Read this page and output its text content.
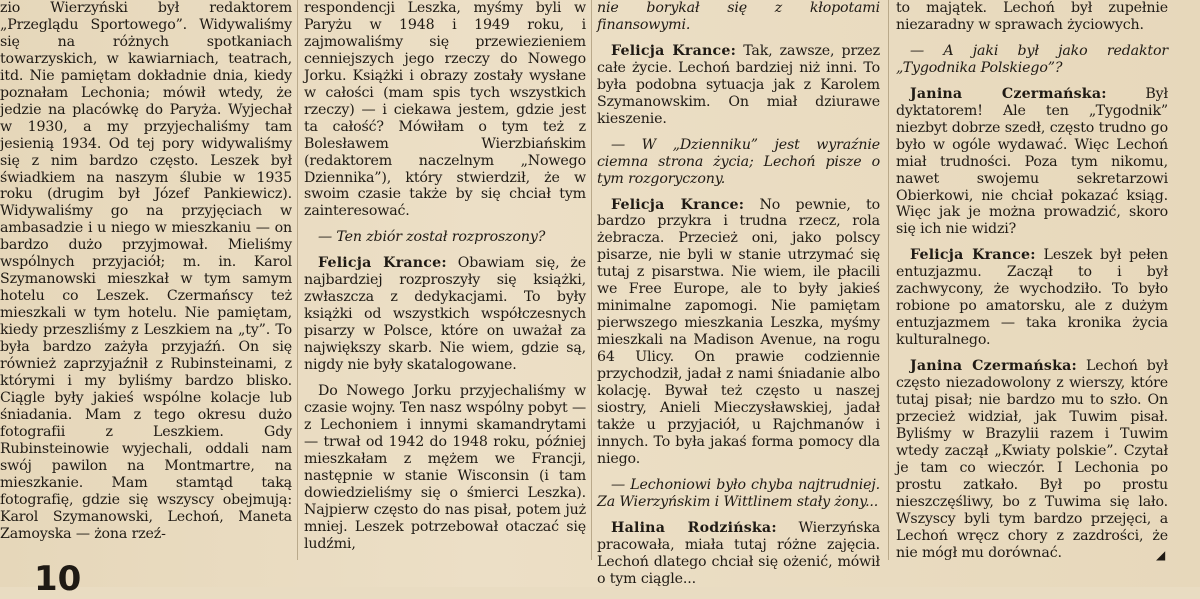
zio Wierzyński był redaktorem „Przeglądu Sportowego”. Widywaliśmy się na różnych spotkaniach towarzyskich, w kawiarniach, teatrach, itd. Nie pamiętam dokładnie dnia, kiedy poznałam Lechonia; mówił wtedy, że jedzie na placówkę do Paryża. Wyjechał w 1930, a my przyjechaliśmy tam jesienią 1934. Od tej pory widywaliśmy się z nim bardzo często. Leszek był świadkiem na naszym ślubie w 1935 roku (drugim był Józef Pankiewicz). Widywaliśmy go na przyjęciach w ambasadzie i u niego w mieszkaniu — on bardzo dużo przyjmował. Mieliśmy wspólnych przyjaciół; m. in. Karol Szymanowski mieszkał w tym samym hotelu co Leszek. Czermańscy też mieszkali w tym hotelu. Nie pamiętam, kiedy przeszliśmy z Leszkiem na „ty”. To była bardzo zażyła przyjaźń. On się również zaprzyjaźnił z Rubinsteinami, z którymi i my byliśmy bardzo blisko. Ciągle były jakieś wspólne kolacje lub śniadania. Mam z tego okresu dużo fotografii z Leszkiem. Gdy Rubinsteinowie wyjechali, oddali nam swój pawilon na Montmartre, na mieszkanie. Mam stamtąd taką fotografię, gdzie się wszyscy obejmują: Karol Szymanowski, Lechoń, Maneta Zamoyska — żona rzeź-

respondencji Leszka, myśmy byli w Paryżu w 1948 i 1949 roku, i zajmowaliśmy się przewiezieniem cenniejszych jego rzeczy do Nowego Jorku. Książki i obrazy zostały wysłane w całości (mam spis tych wszystkich rzeczy) — i ciekawa jestem, gdzie jest ta całość? Mówiłam o tym też z Bolesławem Wierzbiańskim (redaktorem naczelnym „Nowego Dziennika”), który stwierdził, że w swoim czasie także by się chciał tym zainteresować.

— Ten zbiór został rozproszony?

Felicja Krance: Obawiam się, że najbardziej rozproszyły się książki, zwłaszcza z dedykacjami. To były książki od wszystkich współczesnych pisarzy w Polsce, które on uważał za największy skarb. Nie wiem, gdzie są, nigdy nie były skatalogowane.

Do Nowego Jorku przyjechaliśmy w czasie wojny. Ten nasz wspólny pobyt — z Lechoniem i innymi skamandrytami — trwał od 1942 do 1948 roku, później mieszkałam z mężem we Francji, następnie w stanie Wisconsin (i tam dowiedzieliśmy się o śmierci Leszka). Najpierw często do nas pisał, potem już mniej. Leszek potrzebował otaczać się ludźmi,

nie borykał się z kłopotami finansowymi.

Felicja Krance: Tak, zawsze, przez całe życie. Lechoń bardziej niż inni. To była podobna sytuacja jak z Karolem Szymanowskim. On miał dziurawe kieszenie.

— W „Dzienniku” jest wyraźnie ciemna strona życia; Lechoń pisze o tym rozgoryczony.

Felicja Krance: No pewnie, to bardzo przykra i trudna rzecz, rola żebracza. Przecież oni, jako polscy pisarze, nie byli w stanie utrzymać się tutaj z pisarstwa. Nie wiem, ile płacili we Free Europe, ale to były jakieś minimalne zapomogi. Nie pamiętam pierwszego mieszkania Leszka, myśmy mieszkali na Madison Avenue, na rogu 64 Ulicy. On prawie codziennie przychodził, jadał z nami śniadanie albo kolację. Bywał też często u naszej siostry, Anieli Mieczysławskiej, jadał także u przyjaciół, u Rajchmanów i innych. To była jakaś forma pomocy dla niego.

— Lechoniowi było chyba najtrudniej. Za Wierzyńskim i Wittlinem stały żony...

Halina Rodzińska: Wierzyńska pracowała, miała tutaj różne zajęcia. Lechoń dlatego chciał się ożenić, mówił o tym ciągle...

to majątek. Lechoń był zupełnie niezaradny w sprawach życiowych.

— A jaki był jako redaktor „Tygodnika Polskiego”?

Janina Czermańska:	Był dyktatorem! Ale ten „Tygodnik” niezbyt dobrze szedł, często trudno go było w ogóle wydawać. Więc Lechoń miał trudności. Poza tym nikomu, nawet swojemu sekretarzowi Obierkowi, nie chciał pokazać ksiąg. Więc jak je można prowadzić, skoro się ich nie widzi?

Felicja Krance: Leszek był pełen entuzjazmu. Zaczął to i był zachwycony, że wychodziło. To było robione po amatorsku, ale z dużym entuzjazmem — taka kronika życia kulturalnego.

Janina Czermańska: Lechoń był często niezadowolony z wierszy, które tutaj pisał; nie bardzo mu to szło. On przecież widział, jak Tuwim pisał. Byliśmy w Brazylii razem i Tuwim wtedy zaczął „Kwiaty polskie”. Czytał je tam co wieczór. I Lechonia po prostu zatkało. Był po prostu nieszczęśliwy, bo z Tuwima się lało. Wszyscy byli tym bardzo przejęci, a Lechoń wręcz chory z zazdrości, że nie mógł mu dorównać.

10
◢
